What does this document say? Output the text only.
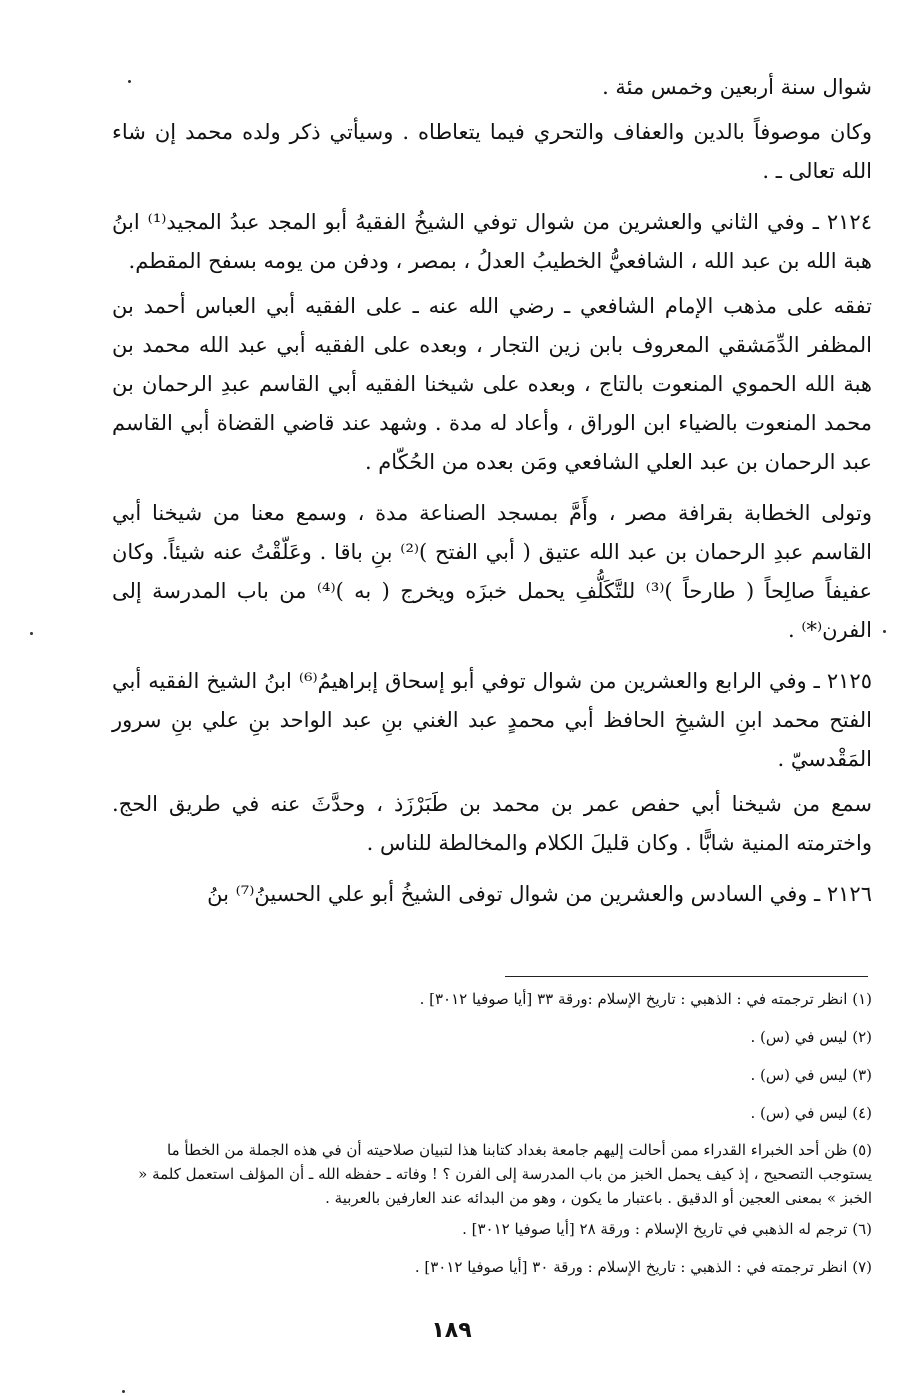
شوال سنة أربعين وخمس مئة .

وكان موصوفاً بالدين والعفاف والتحري فيما يتعاطاه . وسيأتي ذكر ولده محمد إن شاء الله تعالى ـ .

٢١٢٤ ـ وفي الثاني والعشرين من شوال توفي الشيخُ الفقيهُ أبو المجد عبدُ المجيد⁽¹⁾ ابنُ هبة الله بن عبد الله ، الشافعيُّ الخطيبُ العدلُ ، بمصر ، ودفن من يومه بسفح المقطم.

تفقه على مذهب الإمام الشافعي ـ رضي الله عنه ـ على الفقيه أبي العباس أحمد بن المظفر الدِّمَشقي المعروف بابن زين التجار ، وبعده على الفقيه أبي عبد الله محمد بن هبة الله الحموي المنعوت بالتاج ، وبعده على شيخنا الفقيه أبي القاسم عبدِ الرحمان بن محمد المنعوت بالضياء ابن الوراق ، وأعاد له مدة . وشهد عند قاضي القضاة أبي القاسم عبد الرحمان بن عبد العلي الشافعي ومَن بعده من الحُكّام .

وتولى الخطابة بقرافة مصر ، وأَمَّ بمسجد الصناعة مدة ، وسمع معنا من شيخنا أبي القاسم عبدِ الرحمان بن عبد الله عتيق ( أبي الفتح )⁽²⁾ بنِ باقا . وعَلّقْتُ عنه شيئاً. وكان عفيفاً صالِحاً ( طارحاً )⁽³⁾ للتَّكَلُّفِ يحمل خبزَه ويخرج ( به )⁽⁴⁾ من باب المدرسة إلى الفرن⁽*⁾ .

٢١٢٥ ـ وفي الرابع والعشرين من شوال توفي أبو إسحاق إبراهيمُ⁽⁶⁾ ابنُ الشيخ الفقيه أبي الفتح محمد ابنِ الشيخِ الحافظ أبي محمدٍ عبد الغني بنِ عبد الواحد بنِ علي بنِ سرور المَقْدسيّ .

سمع من شيخنا أبي حفص عمر بن محمد بن طَبَرْزَذ ، وحدَّثَ عنه في طريق الحج. واخترمته المنية شابًّا . وكان قليلَ الكلام والمخالطة للناس .

٢١٢٦ ـ وفي السادس والعشرين من شوال توفى الشيخُ أبو علي الحسينُ⁽⁷⁾ بنُ

(١) انظر ترجمته في : الذهبي : تاريخ الإسلام :ورقة ٣٣ [أيا صوفيا ٣٠١٢] .
(٢) ليس في (س) .
(٣) ليس في (س) .
(٤) ليس في (س) .
(٥) ظن أحد الخبراء القدراء ممن أحالت إليهم جامعة بغداد كتابنا هذا لتبيان صلاحيته أن في هذه الجملة من الخطأ ما يستوجب التصحيح ، إذ كيف يحمل الخبز من باب المدرسة إلى الفرن ؟ ! وفاته ـ حفظه الله ـ أن المؤلف استعمل كلمة « الخبز » بمعنى العجين أو الدقيق . باعتبار ما يكون ، وهو من البدائه عند العارفين بالعربية .
(٦) ترجم له الذهبي في تاريخ الإسلام : ورقة ٢٨ [أيا صوفيا ٣٠١٢] .
(٧) انظر ترجمته في : الذهبي : تاريخ الإسلام : ورقة ٣٠ [أيا صوفيا ٣٠١٢] .
١٨٩
